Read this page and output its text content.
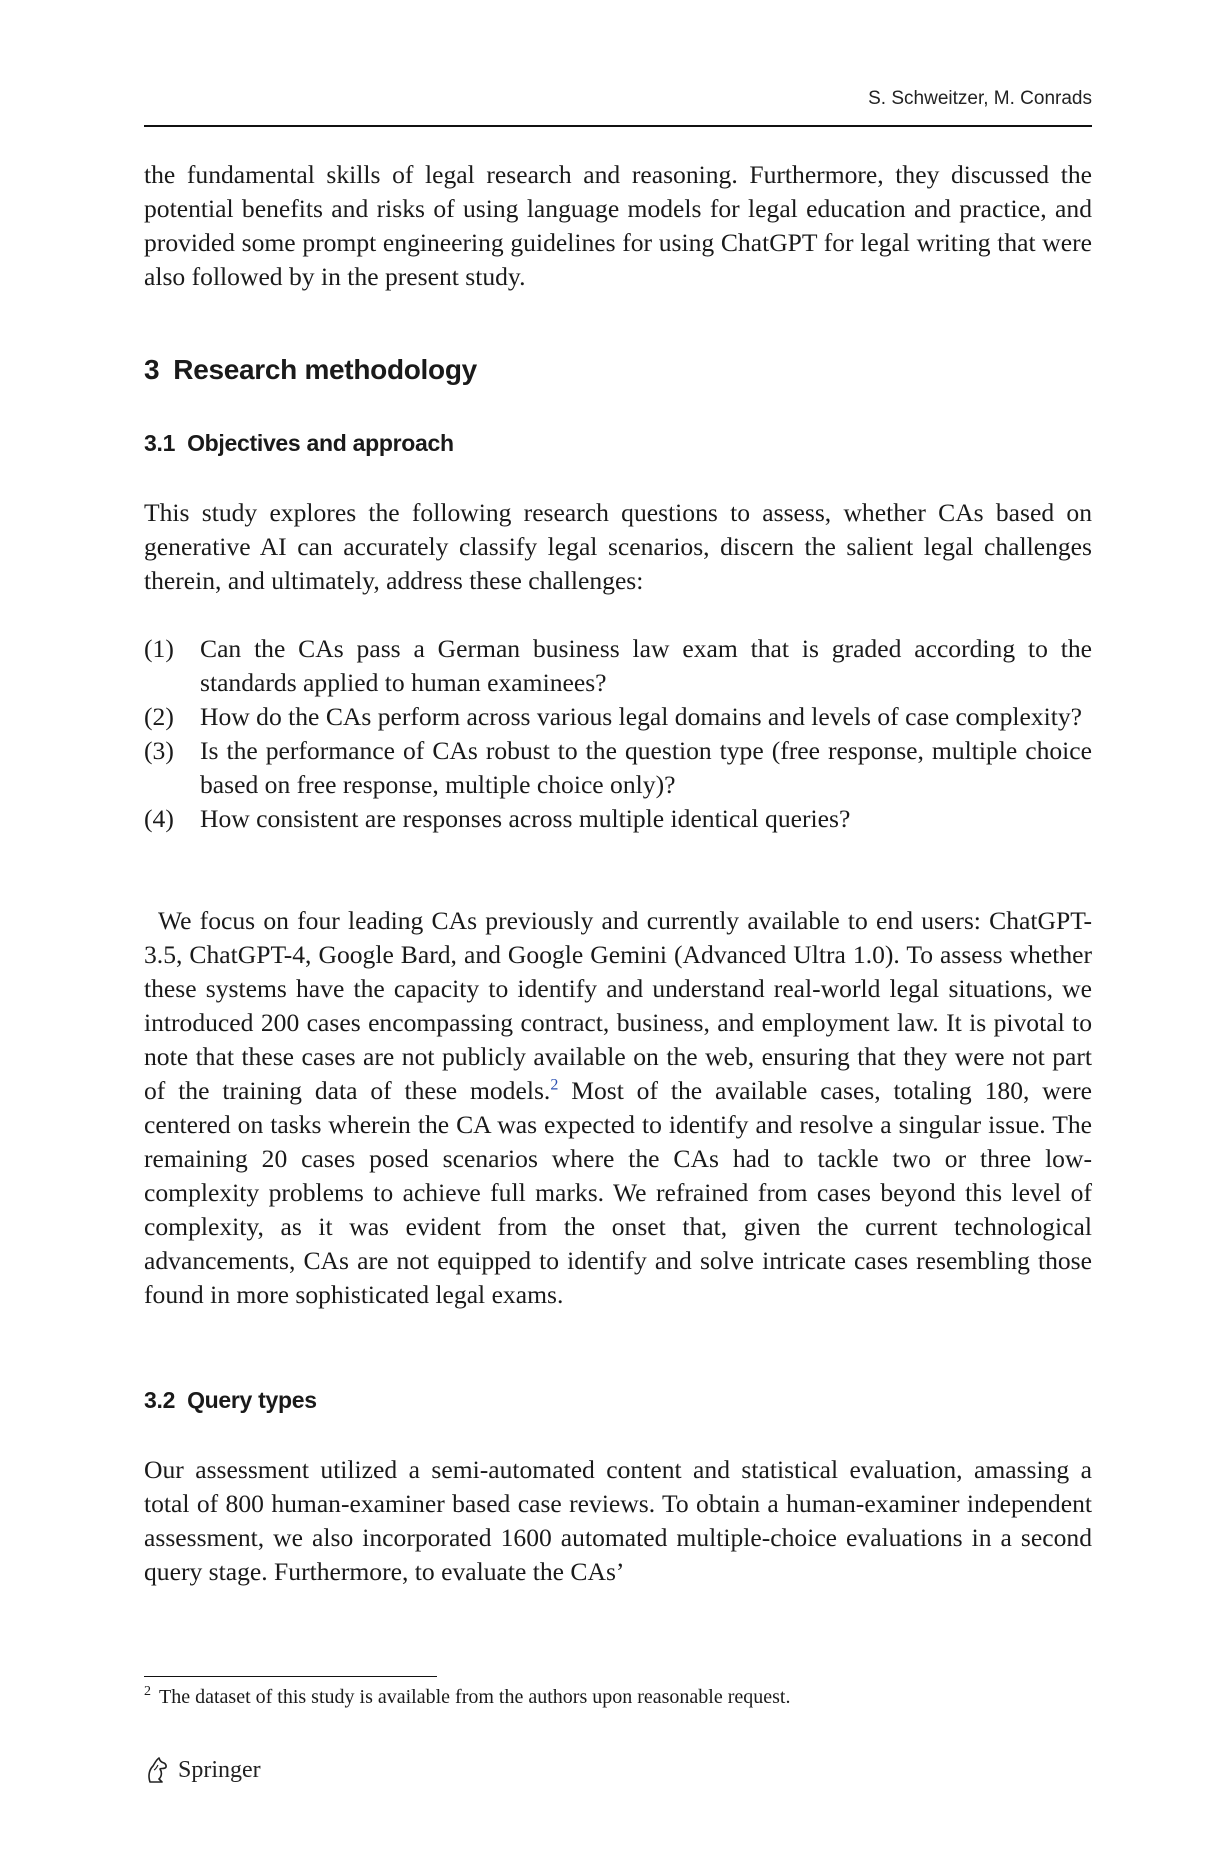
S. Schweitzer, M. Conrads

the fundamental skills of legal research and reasoning. Furthermore, they discussed the potential benefits and risks of using language models for legal education and practice, and provided some prompt engineering guidelines for using ChatGPT for legal writing that were also followed by in the present study.

3 Research methodology
3.1 Objectives and approach

This study explores the following research questions to assess, whether CAs based on generative AI can accurately classify legal scenarios, discern the salient legal challenges therein, and ultimately, address these challenges:

(1)	Can the CAs pass a German business law exam that is graded according to the standards applied to human examinees?
(2)	How do the CAs perform across various legal domains and levels of case complexity?
(3)	Is the performance of CAs robust to the question type (free response, multiple choice based on free response, multiple choice only)?
(4)	How consistent are responses across multiple identical queries?

We focus on four leading CAs previously and currently available to end users: ChatGPT-3.5, ChatGPT-4, Google Bard, and Google Gemini (Advanced Ultra 1.0). To assess whether these systems have the capacity to identify and understand real-world legal situations, we introduced 200 cases encompassing contract, business, and employment law. It is pivotal to note that these cases are not publicly available on the web, ensuring that they were not part of the training data of these models.$^2$ Most of the available cases, totaling 180, were centered on tasks wherein the CA was expected to identify and resolve a singular issue. The remaining 20 cases posed scenarios where the CAs had to tackle two or three low-complexity problems to achieve full marks. We refrained from cases beyond this level of complexity, as it was evident from the onset that, given the current technological advancements, CAs are not equipped to identify and solve intricate cases resembling those found in more sophisticated legal exams.

3.2 Query types

Our assessment utilized a semi-automated content and statistical evaluation, amassing a total of 800 human-examiner based case reviews. To obtain a human-examiner independent assessment, we also incorporated 1600 automated multiple-choice evaluations in a second query stage. Furthermore, to evaluate the CAs’

$^2$ The dataset of this study is available from the authors upon reasonable request.

Springer
